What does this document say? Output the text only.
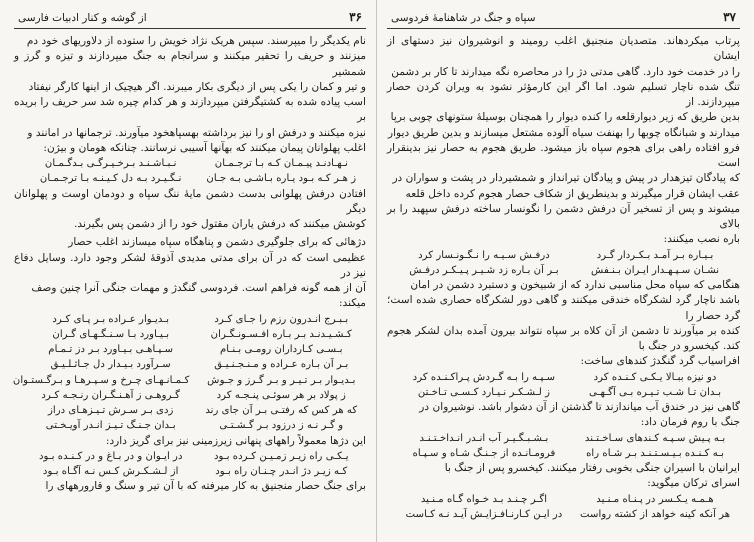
۳۶
از گوشه و کنار ادبیات فارسی
نام یکدیگر را میپرسند. سپس هریک نژاد خویش را ستوده از دلاوریهای خود دم
میزنند و حریف را تحقیر میکنند و سرانجام به جنگ میپردازند و تیزه و گرز و شمشیر
و تیر و کمان را یکی پس از دیگری بکار میبرند. اگر هیچیک از اینها کارگر نیفتاد
اسب پیاده شده به کشتیگرفتن میپردازند و هر کدام چیره شد سر حریف را بریده بر
نیزه میکنند و درفش او را نیز برداشته بهسپاهخود میآورند. ترجمانها در امانند و
اغلب پهلوانان پیمان میکنند که بهآنها آسیبی نرسانند. چنانکه هومان و بیژن:
نـهـادنـد پیـمـان کـه بـا ترجـمـان
نـبـاشـنـد بـرخـیـرگـی بـدگـمـان
ز هـر کـه بـود یـاره بـاشـی بـه جـان
نـگـیـرد بـه دل کـیـنـه بـا ترجـمـان
افتادن درفش پهلوانی بدست دشمن مایهٔ ننگ سپاه و دودمان اوست و پهلوانان دیگر
کوشش میکنند که درفش یاران مقتول خود را از دشمن پس بگیرند.
دژهائی که برای جلوگیری دشمن و پناهگاه سپاه میسازند اغلب حصار
عظیمی است که در آن برای مدتی مدیدی آذوقهٔ لشکر وجود دارد. وسایل دفاع نیز در
آن از همه گونه فراهم است. فردوسی گنگدژ و مهمات جنگی آنرا چنین وصف
میکند:
بـبـرج انـدرون رزم را جـای کـرد
بـدیـوار عـراده بـر پـای کـرد
کـشـیـدنـد بـر بـاره افـسـونـگـران
بـیـاورد بـا سـنـگـهـای گـران
بـسـی کـارداران رومـی بـنـام
سـپـاهـی بـیـاورد بـر دز تـمـام
بـر آن بـاره عـراده و مـنـجـنـیـق
سـرآورد بـیـدار دل جـاثـلـیـق
بـدیـوار بـر تـیـر و بـر گـرز و جـوش
کـمـانـهـای چـرخ و سـپـرهـا و بـرگـستـوان
ز پولاد بر هر سوئـی پنـجـه کرد
گـروهـی ز آهـنـگـران رنـجـه کـرد
که هر کس که رفتـی بـر آن جای رند
زدی بـر سـرش تـیـزهـای دراز
و گـر نـه ز درزود بـر گـشـتـی
بـدان جـنـگ تـیـز انـدر آویـخـتی
این دژها معمولاً راههای پنهانی زیرزمینی نیز برای گریز دارد:
یـکـی راه زیـر زمـیـن کـرده بـود
در ایـوان و در بـاغ و در کـنـده بـود
کـه زیـر دژ انـدر چـنـان راه بـود
از لـشـکـرش کـس نـه آگـاه بـود
برای جنگ حصار منجنیق به کار میرفته که با آن تیر و سنگ و قارورههای را
۳۷
سپاه و جنگ در شاهنامهٔ فردوسی
پرتاب میکردهاند. متصدیان منجنیق اغلب رومیند و انوشیروان نیز دستهای از ایشان
را در خدمت خود دارد. گاهی مدتی دژ را در محاصره نگه میدارند تا کار بر دشمن
تنگ شده ناچار تسلیم شود. اما اگر این کارمؤثر نشود به ویران کردن حصار میپردازند. از
بدین طریق که زیر دیوارقلعه را کنده دیوار را همچنان بوسیلهٔ ستونهای چوبی برپا
میدارند و شبانگاه چوبها را بهنفت سیاه آلوده مشتعل میسازند و بدین طریق دیوار
فرو افتاده راهی برای هجوم سپاه باز میشود. طریق هجوم به حصار نیز بدینقرار است
که پیادگان تیزهدار در پیش و پیادگان تیرانداز و شمشیردار در پشت و سواران در
عقب ایشان قرار میگیرند و بدینطریق از شکاف حصار هجوم کرده داخل قلعه
میشوند و پس از تسخیر آن درفش دشمن را نگونسار ساخته درفش سپهبد را بر بالای
باره نصب میکنند:
بـیـاره بـر آمـد بـکـردار گـرد
درفـش سـیـه را نـگـونـسار کرد
نشـان سـپـهـدار ایـران بـنـفش
بـر آن بـاره زد شـیـر پـیـکـر درفـش
هنگامی که سپاه محل مناسبی ندارد که از شبیخون و دستبرد دشمن در امان
باشد ناچار گرد لشکرگاه خندقی میکنند و گاهی دور لشکرگاه حصاری شده است؛ گرد حصار را
کنده بر میآورند تا دشمن از آن کلاه بر سپاه نتواند بیرون آمده بدان لشکر هجوم کند. کیخسرو در جنگ با
افراسیاب گرد گنگدژ کندهای ساخت:
دو نیزه ببـالا یـکـی کـنـده کرد
سـپـه را بـه گـردش پـراکـنـده کرد
بـدان تـا شـب تـیـره بـی آگـهـی
ز لـشـکـر نـیـارد کـسـی تـاخـتن
گاهی نیز در خندق آب میاندازند تا گذشتن از آن دشوار باشد. نوشیروان در
جنگ با روم فرمان داد:
بـه پـیش سـپـه کـندهای سـاخـتـند
بـشـبـگـیـر آب انـدر انـداخـتـنـد
بـه کـنـده بـیـسـتـنـد بـر شـاه راه
فرومـانـده از جـنـگ شـاه و سـپـاه
ایرانیان با اسیران جنگی بخوبی رفتار میکنند. کیخسرو پس از جنگ با
اسرای ترکان میگوید:
هـمـه یـکـسر در پـنـاه مـنـید
اگـر چـنـد بـد خـواه گـاه مـنـید
هر آنکه کینه خواهد از کشته رواست
در ایـن کـارنـافـزایـش آیـد نـه کـاست
